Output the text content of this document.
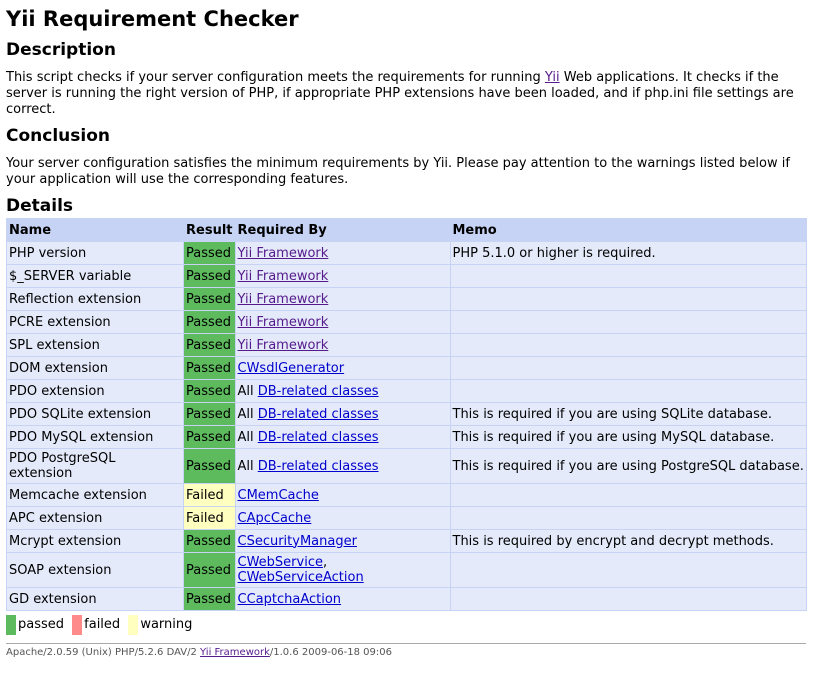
Yii Requirement Checker
Description

This script checks if your server configuration meets the requirements for running Yii Web applications. It checks if the server is running the right version of PHP, if appropriate PHP extensions have been loaded, and if php.ini file settings are correct.

Conclusion

Your server configuration satisfies the minimum requirements by Yii. Please pay attention to the warnings listed below if your application will use the corresponding features.

Details
Name	Result	Required By	Memo
PHP version	Passed	Yii Framework	PHP 5.1.0 or higher is required.
$_SERVER variable	Passed	Yii Framework	
Reflection extension	Passed	Yii Framework	
PCRE extension	Passed	Yii Framework	
SPL extension	Passed	Yii Framework	
DOM extension	Passed	CWsdlGenerator	
PDO extension	Passed	All DB-related classes	
PDO SQLite extension	Passed	All DB-related classes	This is required if you are using SQLite database.
PDO MySQL extension	Passed	All DB-related classes	This is required if you are using MySQL database.
PDO PostgreSQL extension	Passed	All DB-related classes	This is required if you are using PostgreSQL database.
Memcache extension	Failed	CMemCache	
APC extension	Failed	CApcCache	
Mcrypt extension	Passed	CSecurityManager	This is required by encrypt and decrypt methods.
SOAP extension	Passed	CWebService,
CWebServiceAction	
GD extension	Passed	CCaptchaAction	
passed failed warning
Apache/2.0.59 (Unix) PHP/5.2.6 DAV/2 Yii Framework/1.0.6 2009-06-18 09:06
